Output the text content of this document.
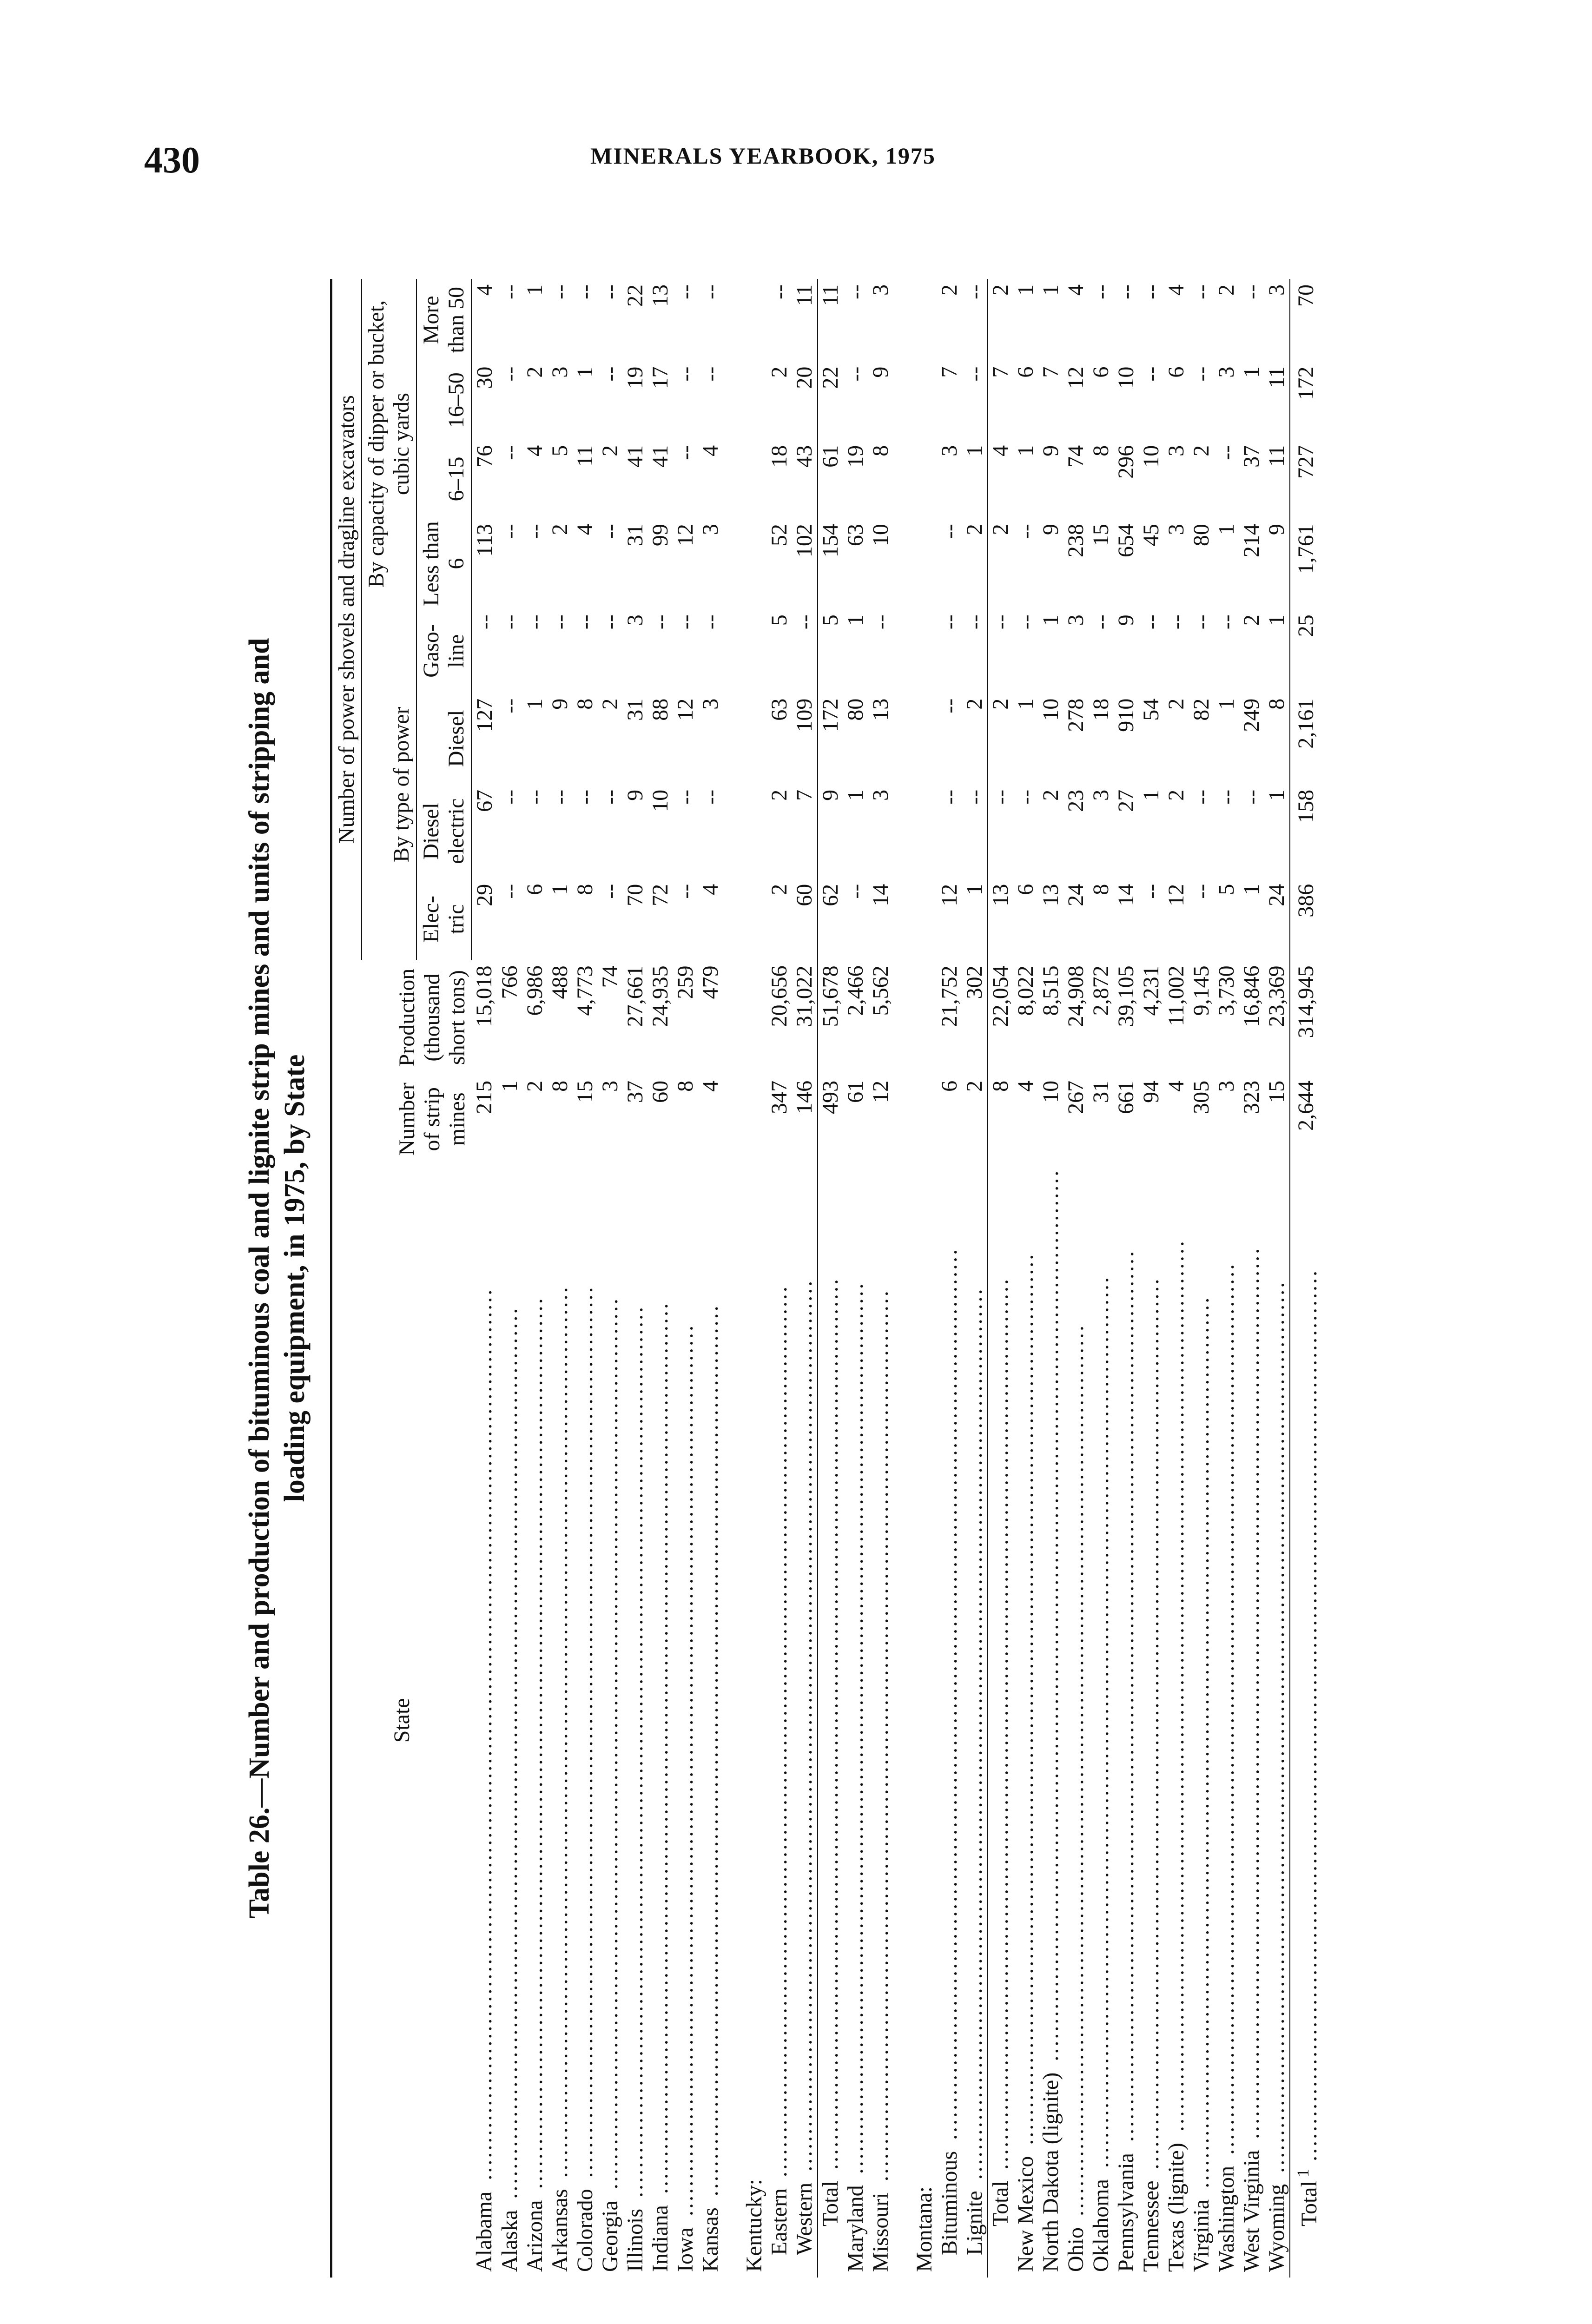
430	MINERALS YEARBOOK, 1975
Table 26.—Number and production of bituminous coal and lignite strip mines and units of stripping and loading equipment, in 1975, by State
State	Number of strip mines	Production (thousand short tons)	Number of power shovels and dragline excavators							
			By type of power				By capacity of dipper or bucket, cubic yards			
			Elec-tric	Diesel electric	Diesel	Gaso-line	Less than 6	6–15	16–50	More than 50
Alabama ........................................................................................................................	215	15,018	29	67	127	--	113	76	30	4
Alaska ........................................................................................................................	1	766	--	--	--	--	--	--	--	--
Arizona ........................................................................................................................	2	6,986	6	--	1	--	--	4	2	1
Arkansas ........................................................................................................................	8	488	1	--	9	--	2	5	3	--
Colorado ........................................................................................................................	15	4,773	8	--	8	--	4	11	1	--
Georgia ........................................................................................................................	3	74	--	--	2	--	--	2	--	--
Illinois ........................................................................................................................	37	27,661	70	9	31	3	31	41	19	22
Indiana ........................................................................................................................	60	24,935	72	10	88	--	99	41	17	13
Iowa ........................................................................................................................	8	259	--	--	12	--	12	--	--	--
Kansas ........................................................................................................................	4	479	4	--	3	--	3	4	--	--

Kentucky:										
Eastern ........................................................................................................................	347	20,656	2	2	63	5	52	18	2	--
Western ........................................................................................................................	146	31,022	60	7	109	--	102	43	20	11
Total ........................................................................................................................	493	51,678	62	9	172	5	154	61	22	11
Maryland ........................................................................................................................	61	2,466	--	1	80	1	63	19	--	--
Missouri ........................................................................................................................	12	5,562	14	3	13	--	10	8	9	3

Montana:										
Bituminous ........................................................................................................................	6	21,752	12	--	--	--	--	3	7	2
Lignite ........................................................................................................................	2	302	1	--	2	--	2	1	--	--
Total ........................................................................................................................	8	22,054	13	--	2	--	2	4	7	2
New Mexico ........................................................................................................................	4	8,022	6	--	1	--	--	1	6	1
North Dakota (lignite) ........................................................................................................................	10	8,515	13	2	10	1	9	9	7	1
Ohio ........................................................................................................................	267	24,908	24	23	278	3	238	74	12	4
Oklahoma ........................................................................................................................	31	2,872	8	3	18	--	15	8	6	--
Pennsylvania ........................................................................................................................	661	39,105	14	27	910	9	654	296	10	--
Tennessee ........................................................................................................................	94	4,231	--	1	54	--	45	10	--	--
Texas (lignite) ........................................................................................................................	4	11,002	12	2	2	--	3	3	6	4
Virginia ........................................................................................................................	305	9,145	--	--	82	--	80	2	--	--
Washington ........................................................................................................................	3	3,730	5	--	1	--	1	--	3	2
West Virginia ........................................................................................................................	323	16,846	1	--	249	2	214	37	1	--
Wyoming ........................................................................................................................	15	23,369	24	1	8	1	9	11	11	3
Total$^1$ ........................................................................................................................	2,644	314,945	386	158	2,161	25	1,761	727	172	70
